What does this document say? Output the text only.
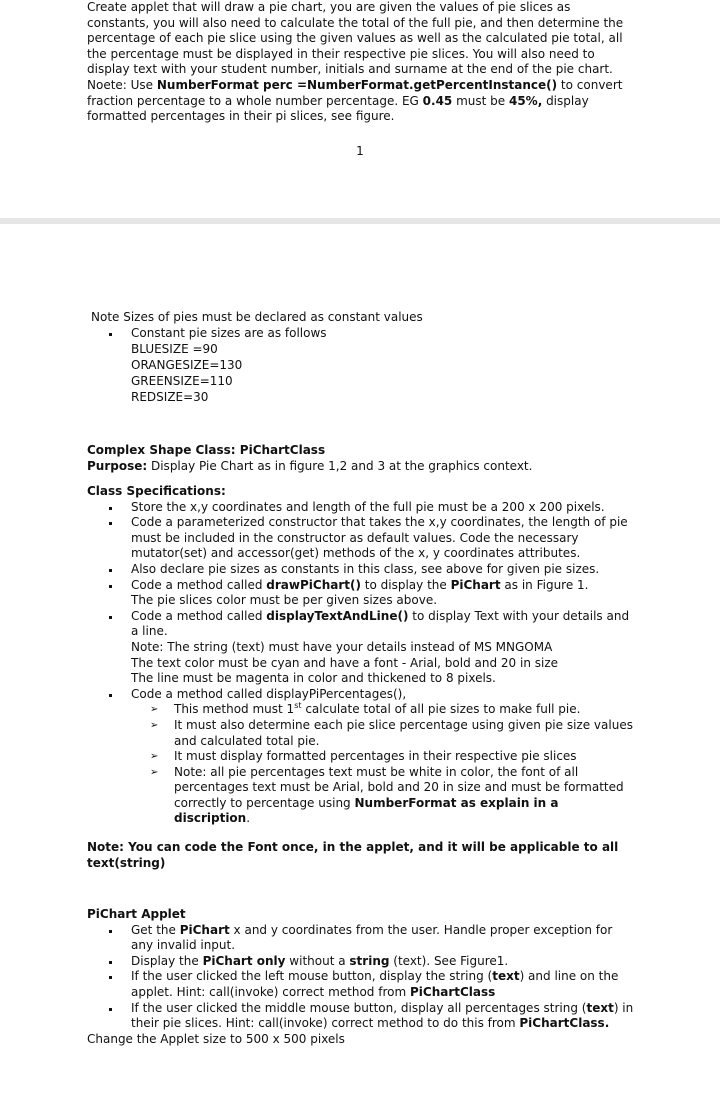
Create applet that will draw a pie chart, you are given the values of pie slices as constants, you will also need to calculate the total of the full pie, and then determine the percentage of each pie slice using the given values as well as the calculated pie total, all the percentage must be displayed in their respective pie slices. You will also need to display text with your student number, initials and surname at the end of the pie chart. Noete: Use NumberFormat perc =NumberFormat.getPercentInstance() to convert fraction percentage to a whole number percentage. EG 0.45 must be 45%, display formatted percentages in their pi slices, see figure.

1
Note Sizes of pies must be declared as constant values
Constant pie sizes are as follows
BLUESIZE =90
ORANGESIZE=130
GREENSIZE=110
REDSIZE=30
Complex Shape Class: PiChartClass
Purpose: Display Pie Chart as in figure 1,2 and 3 at the graphics context.
Class Specifications:
Store the x,y coordinates and length of the full pie must be a 200 x 200 pixels.
Code a parameterized constructor that takes the x,y coordinates, the length of pie must be included in the constructor as default values. Code the necessary mutator(set) and accessor(get) methods of the x, y coordinates attributes.
Also declare pie sizes as constants in this class, see above for given pie sizes.
Code a method called drawPiChart() to display the PiChart as in Figure 1.
The pie slices color must be per given sizes above.
Code a method called displayTextAndLine() to display Text with your details and a line.
Note: The string (text) must have your details instead of MS MNGOMA
The text color must be cyan and have a font - Arial, bold and 20 in size
The line must be magenta in color and thickened to 8 pixels.
Code a method called displayPiPercentages(),
➢ This method must 1st calculate total of all pie sizes to make full pie.
➢ It must also determine each pie slice percentage using given pie size values and calculated total pie.
➢ It must display formatted percentages in their respective pie slices
➢ Note: all pie percentages text must be white in color, the font of all percentages text must be Arial, bold and 20 in size and must be formatted correctly to percentage using NumberFormat as explain in a discription.
Note: You can code the Font once, in the applet, and it will be applicable to all text(string)
PiChart Applet
Get the PiChart x and y coordinates from the user. Handle proper exception for any invalid input.
Display the PiChart only without a string (text). See Figure1.
If the user clicked the left mouse button, display the string (text) and line on the applet. Hint: call(invoke) correct method from PiChartClass
If the user clicked the middle mouse button, display all percentages string (text) in their pie slices. Hint: call(invoke) correct method to do this from PiChartClass.
Change the Applet size to 500 x 500 pixels
